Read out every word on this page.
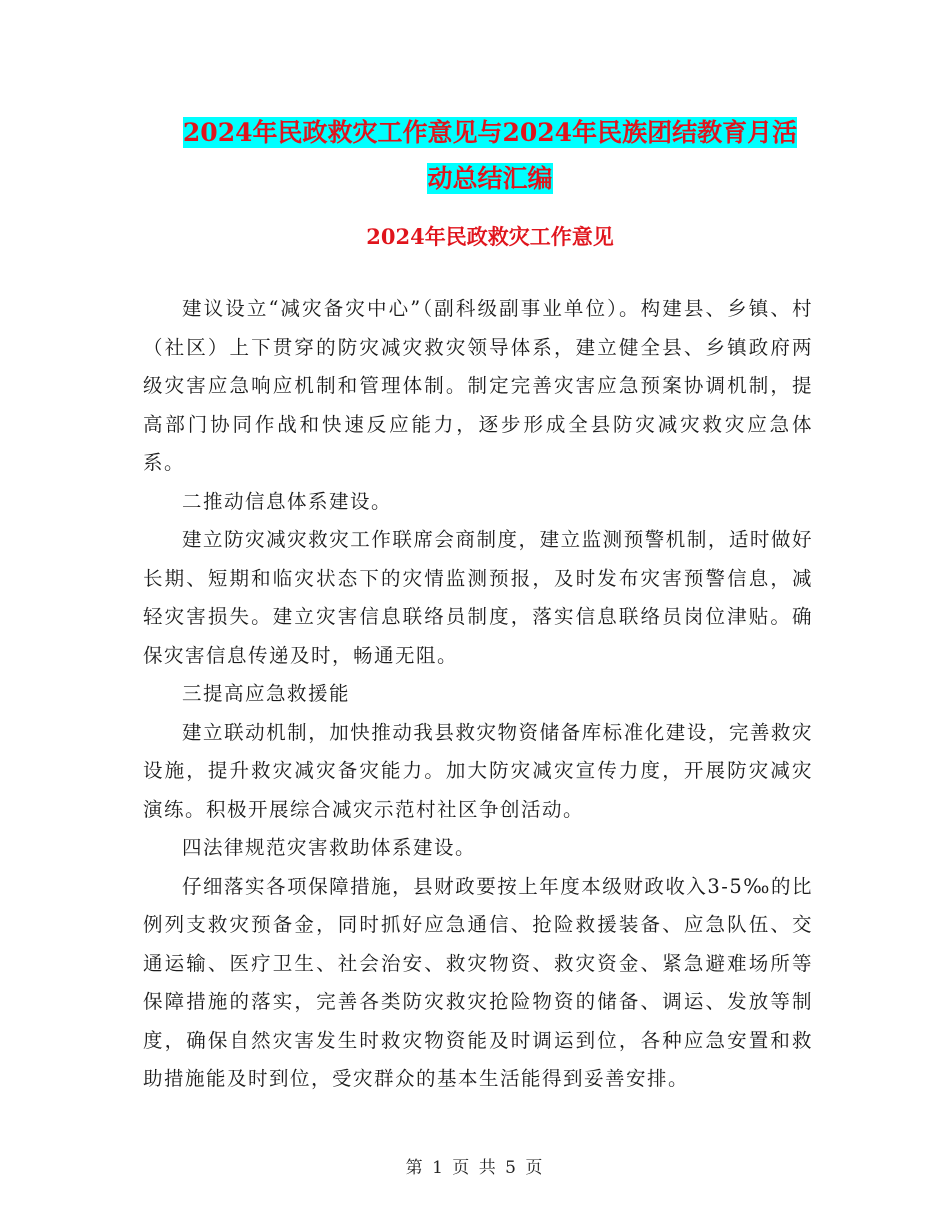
2024年民政救灾工作意见与2024年民族团结教育月活
动总结汇编
2024年民政救灾工作意见

建议设立“减灾备灾中心”（副科级副事业单位）。构建县、乡镇、村（社区）上下贯穿的防灾减灾救灾领导体系，建立健全县、乡镇政府两级灾害应急响应机制和管理体制。制定完善灾害应急预案协调机制，提高部门协同作战和快速反应能力，逐步形成全县防灾减灾救灾应急体系。

二推动信息体系建设。

建立防灾减灾救灾工作联席会商制度，建立监测预警机制，适时做好长期、短期和临灾状态下的灾情监测预报，及时发布灾害预警信息，减轻灾害损失。建立灾害信息联络员制度，落实信息联络员岗位津贴。确保灾害信息传递及时，畅通无阻。

三提高应急救援能

建立联动机制，加快推动我县救灾物资储备库标准化建设，完善救灾设施，提升救灾减灾备灾能力。加大防灾减灾宣传力度，开展防灾减灾演练。积极开展综合减灾示范村社区争创活动。

四法律规范灾害救助体系建设。

仔细落实各项保障措施，县财政要按上年度本级财政收入3-5‰的比例列支救灾预备金，同时抓好应急通信、抢险救援装备、应急队伍、交通运输、医疗卫生、社会治安、救灾物资、救灾资金、紧急避难场所等保障措施的落实，完善各类防灾救灾抢险物资的储备、调运、发放等制度，确保自然灾害发生时救灾物资能及时调运到位，各种应急安置和救助措施能及时到位，受灾群众的基本生活能得到妥善安排。

第 1 页 共 5 页
